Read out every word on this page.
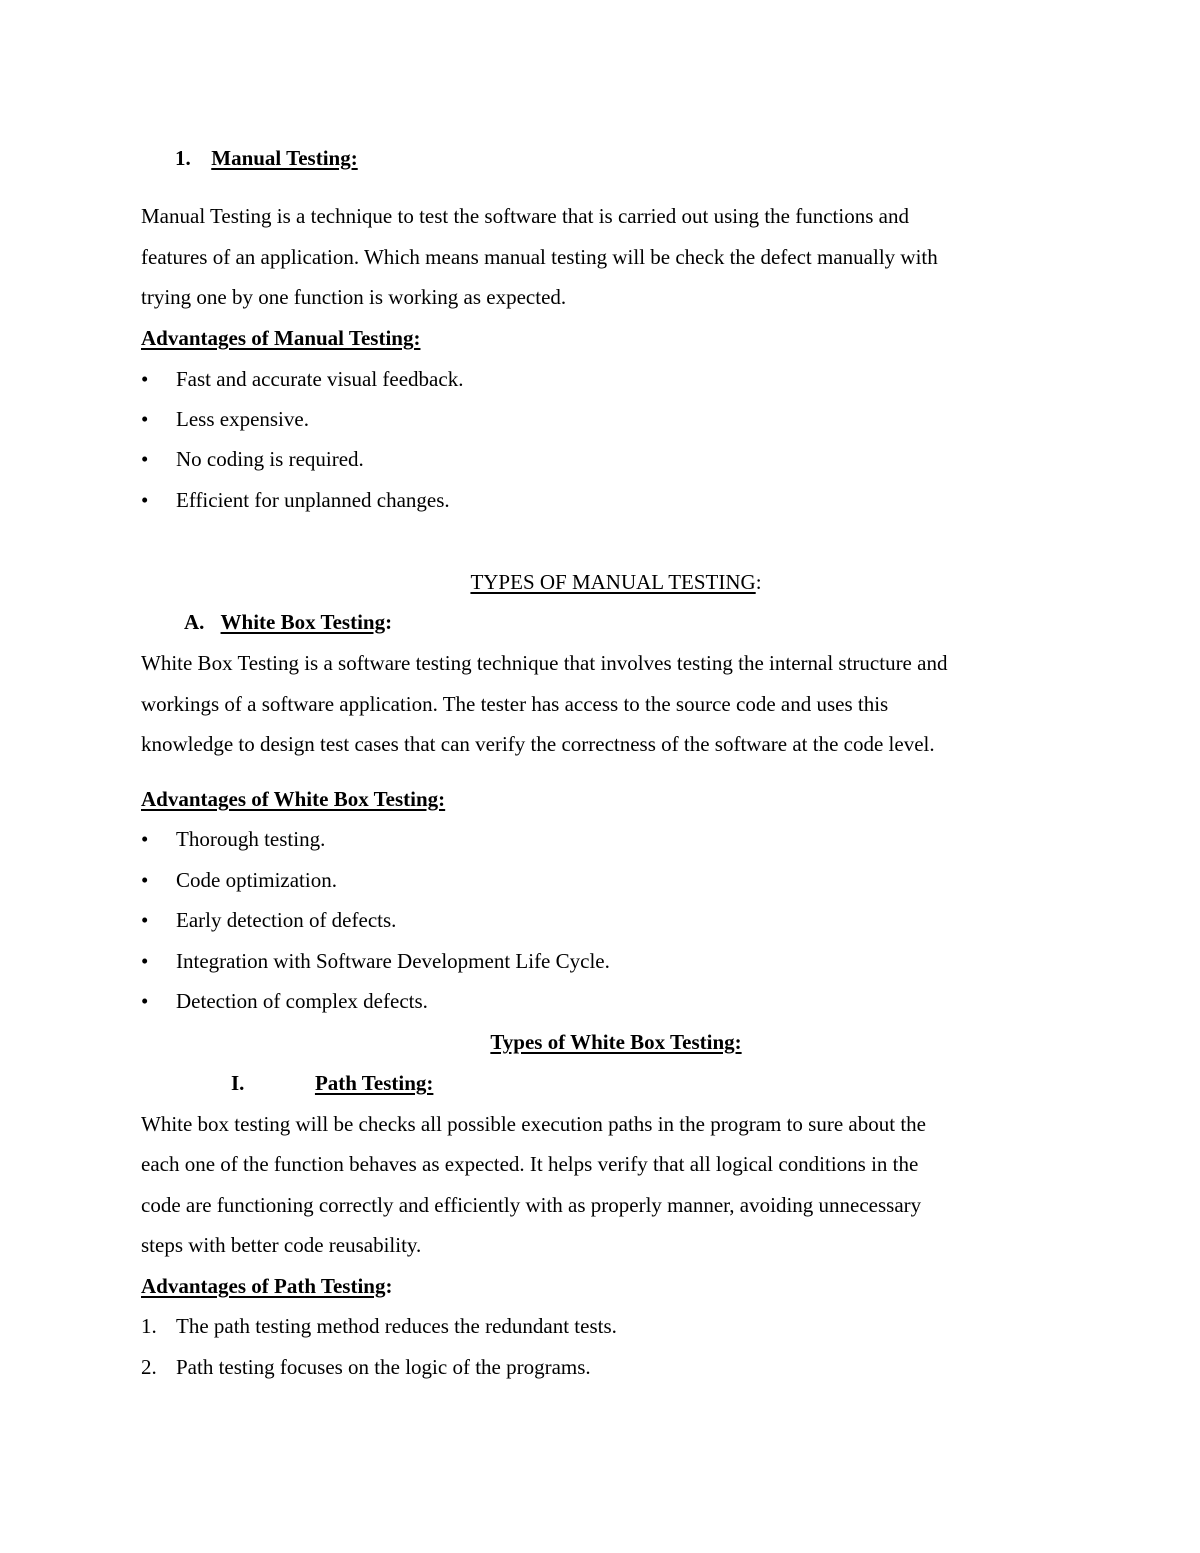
1. Manual Testing:
Manual Testing is a technique to test the software that is carried out using the functions and
features of an application. Which means manual testing will be check the defect manually with
trying one by one function is working as expected.
Advantages of Manual Testing:
• Fast and accurate visual feedback.
• Less expensive.
• No coding is required.
• Efficient for unplanned changes.
TYPES OF MANUAL TESTING:
A. White Box Testing:
White Box Testing is a software testing technique that involves testing the internal structure and
workings of a software application. The tester has access to the source code and uses this
knowledge to design test cases that can verify the correctness of the software at the code level.
Advantages of White Box Testing:
• Thorough testing.
• Code optimization.
• Early detection of defects.
• Integration with Software Development Life Cycle.
• Detection of complex defects.
Types of White Box Testing:
I.	Path Testing:
White box testing will be checks all possible execution paths in the program to sure about the
each one of the function behaves as expected. It helps verify that all logical conditions in the
code are functioning correctly and efficiently with as properly manner, avoiding unnecessary
steps with better code reusability.
Advantages of Path Testing:
1. The path testing method reduces the redundant tests.
2. Path testing focuses on the logic of the programs.
